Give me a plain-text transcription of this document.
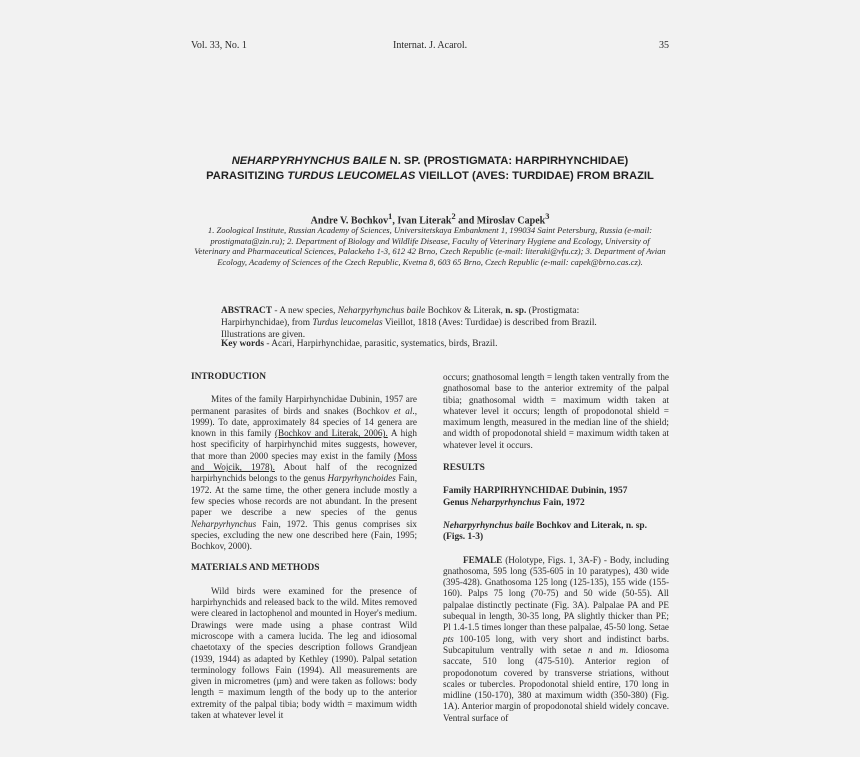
Vol. 33, No. 1	Internat. J. Acarol.	35
NEHARPYRHYNCHUS BAILE N. SP. (PROSTIGMATA: HARPIRHYNCHIDAE)
PARASITIZING TURDUS LEUCOMELAS VIEILLOT (AVES: TURDIDAE) FROM BRAZIL
Andre V. Bochkov$^1$, Ivan Literak$^2$ and Miroslav Capek$^3$
1. Zoological Institute, Russian Academy of Sciences, Universitetskaya Embankment 1, 199034 Saint Petersburg, Russia (e-mail: prostigmata@zin.ru); 2. Department of Biology and Wildlife Disease, Faculty of Veterinary Hygiene and Ecology, University of Veterinary and Pharmaceutical Sciences, Palackeho 1-3, 612 42 Brno, Czech Republic (e-mail: literaki@vfu.cz); 3. Department of Avian Ecology, Academy of Sciences of the Czech Republic, Kvetna 8, 603 65 Brno, Czech Republic (e-mail: capek@brno.cas.cz).
ABSTRACT - A new species, Neharpyrhynchus baile Bochkov & Literak, n. sp. (Prostigmata: Harpirhynchidae), from Turdus leucomelas Vieillot, 1818 (Aves: Turdidae) is described from Brazil. Illustrations are given.
Key words - Acari, Harpirhynchidae, parasitic, systematics, birds, Brazil.

INTRODUCTION

Mites of the family Harpirhynchidae Dubinin, 1957 are permanent parasites of birds and snakes (Bochkov et al., 1999). To date, approximately 84 species of 14 genera are known in this family (Bochkov and Literak, 2006). A high host specificity of harpirhynchid mites suggests, however, that more than 2000 species may exist in the family (Moss and Wojcik, 1978). About half of the recognized harpirhynchids belongs to the genus Harpyrhynchoides Fain, 1972. At the same time, the other genera include mostly a few species whose records are not abundant. In the present paper we describe a new species of the genus Neharpyrhynchus Fain, 1972. This genus comprises six species, excluding the new one described here (Fain, 1995; Bochkov, 2000).

MATERIALS AND METHODS

Wild birds were examined for the presence of harpirhynchids and released back to the wild. Mites removed were cleared in lactophenol and mounted in Hoyer's medium. Drawings were made using a phase contrast Wild microscope with a camera lucida. The leg and idiosomal chaetotaxy of the species description follows Grandjean (1939, 1944) as adapted by Kethley (1990). Palpal setation terminology follows Fain (1994). All measurements are given in micrometres (µm) and were taken as follows: body length = maximum length of the body up to the anterior extremity of the palpal tibia; body width = maximum width taken at whatever level it

occurs; gnathosomal length = length taken ventrally from the gnathosomal base to the anterior extremity of the palpal tibia; gnathosomal width = maximum width taken at whatever level it occurs; length of propodonotal shield = maximum length, measured in the median line of the shield; and width of propodonotal shield = maximum width taken at whatever level it occurs.

RESULTS

Family HARPIRHYNCHIDAE Dubinin, 1957

Genus Neharpyrhynchus Fain, 1972

Neharpyrhynchus baile Bochkov and Literak, n. sp.

(Figs. 1-3)

FEMALE (Holotype, Figs. 1, 3A-F) - Body, including gnathosoma, 595 long (535-605 in 10 paratypes), 430 wide (395-428). Gnathosoma 125 long (125-135), 155 wide (155-160). Palps 75 long (70-75) and 50 wide (50-55). All palpalae distinctly pectinate (Fig. 3A). Palpalae PA and PE subequal in length, 30-35 long, PA slightly thicker than PE; Pl 1.4-1.5 times longer than these palpalae, 45-50 long. Setae pts 100-105 long, with very short and indistinct barbs. Subcapitulum ventrally with setae n and m. Idiosoma saccate, 510 long (475-510). Anterior region of propodonotum covered by transverse striations, without scales or tubercles. Propodonotal shield entire, 170 long in midline (150-170), 380 at maximum width (350-380) (Fig. 1A). Anterior margin of propodonotal shield widely concave. Ventral surface of
